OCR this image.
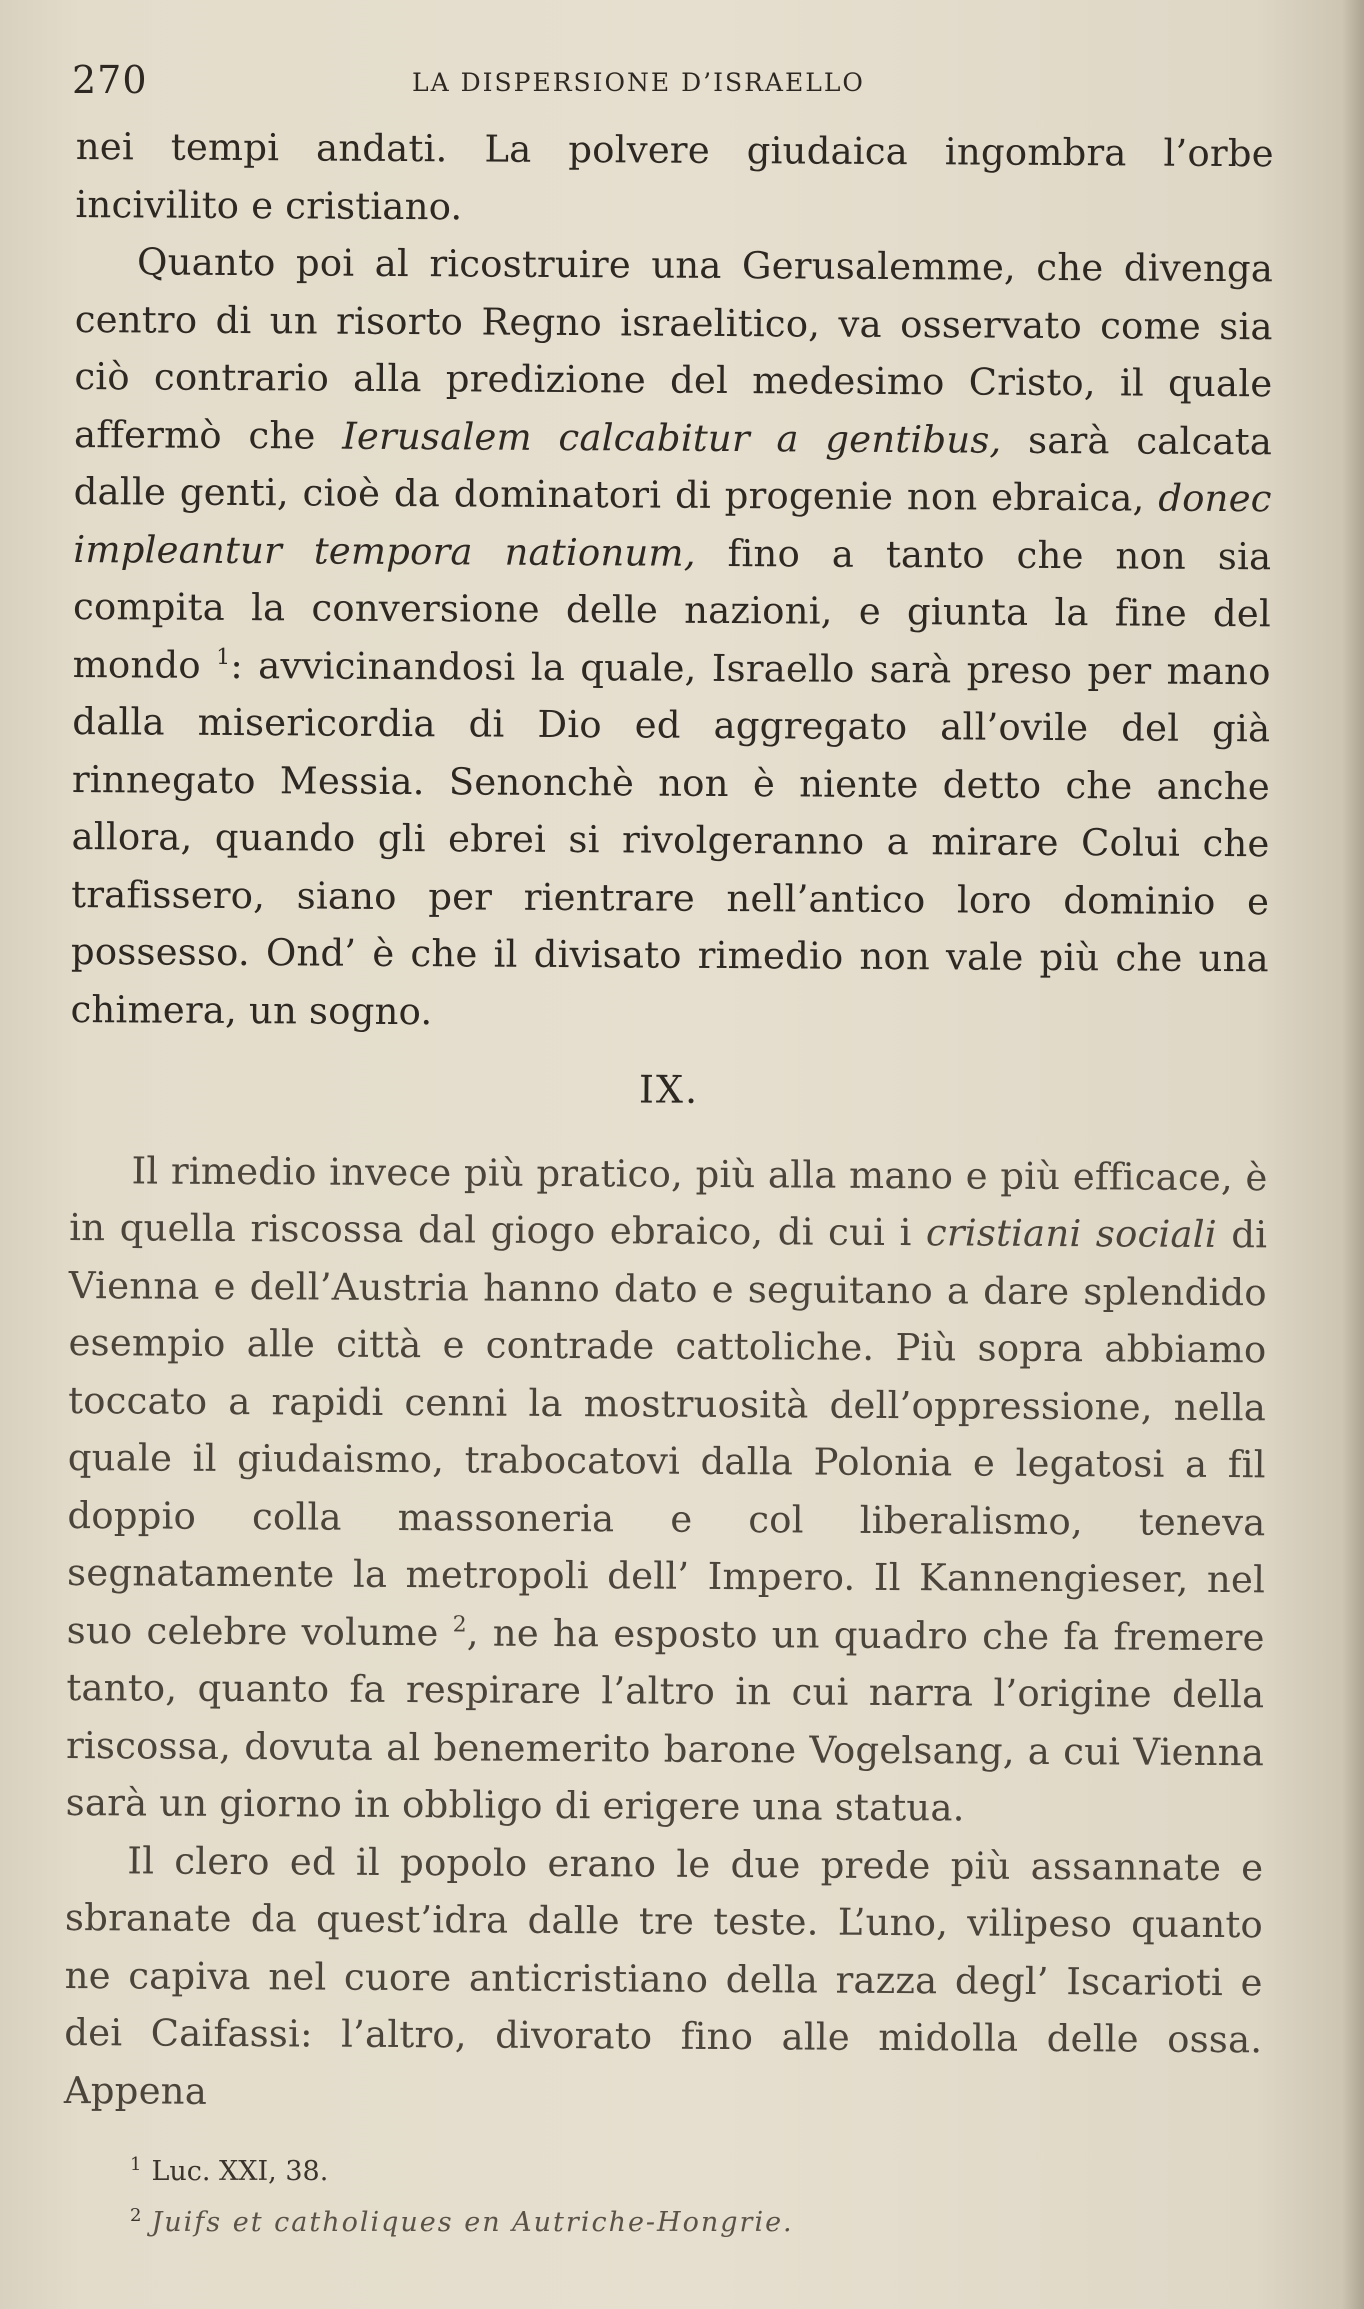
270	LA DISPERSIONE D’ISRAELLO

nei tempi andati. La polvere giudaica ingombra l’orbe incivilito e cristiano.

Quanto poi al ricostruire una Gerusalemme, che divenga centro di un risorto Regno israelitico, va osservato come sia ciò contrario alla predizione del medesimo Cristo, il quale affermò che Ierusalem calcabitur a gentibus, sarà calcata dalle genti, cioè da dominatori di progenie non ebraica, donec impleantur tempora nationum, fino a tanto che non sia compita la conversione delle nazioni, e giunta la fine del mondo $^1$: avvicinandosi la quale, Israello sarà preso per mano dalla misericordia di Dio ed aggregato all’ovile del già rinnegato Messia. Senonchè non è niente detto che anche allora, quando gli ebrei si rivolgeranno a mirare Colui che trafissero, siano per rientrare nell’antico loro dominio e possesso. Ond’ è che il divisato rimedio non vale più che una chimera, un sogno.

IX.

Il rimedio invece più pratico, più alla mano e più efficace, è in quella riscossa dal giogo ebraico, di cui i cristiani sociali di Vienna e dell’Austria hanno dato e seguitano a dare splendido esempio alle città e contrade cattoliche. Più sopra abbiamo toccato a rapidi cenni la mostruosità dell’oppressione, nella quale il giudaismo, trabocatovi dalla Polonia e legatosi a fil doppio colla massoneria e col liberalismo, teneva segnatamente la metropoli dell’ Impero. Il Kannengieser, nel suo celebre volume $^2$, ne ha esposto un quadro che fa fremere tanto, quanto fa respirare l’altro in cui narra l’origine della riscossa, dovuta al benemerito barone Vogelsang, a cui Vienna sarà un giorno in obbligo di erigere una statua.

Il clero ed il popolo erano le due prede più assannate e sbranate da quest’idra dalle tre teste. L’uno, vilipeso quanto ne capiva nel cuore anticristiano della razza degl’ Iscarioti e dei Caifassi: l’altro, divorato fino alle midolla delle ossa. Appena

$^1$ Luc. XXI, 38.
$^2$ Juifs et catholiques en Autriche-Hongrie.
